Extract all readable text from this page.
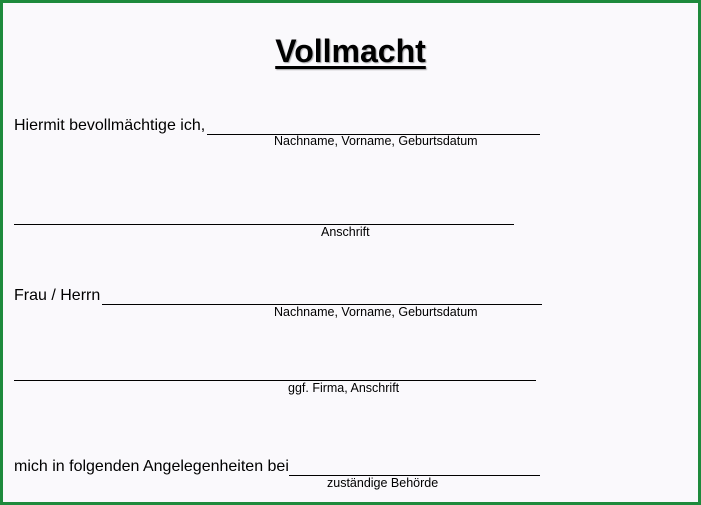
Vollmacht
Hiermit bevollmächtige ich,
Nachname, Vorname, Geburtsdatum
Anschrift
Frau / Herrn
Nachname, Vorname, Geburtsdatum
ggf. Firma, Anschrift
mich in folgenden Angelegenheiten bei
zuständige Behörde
